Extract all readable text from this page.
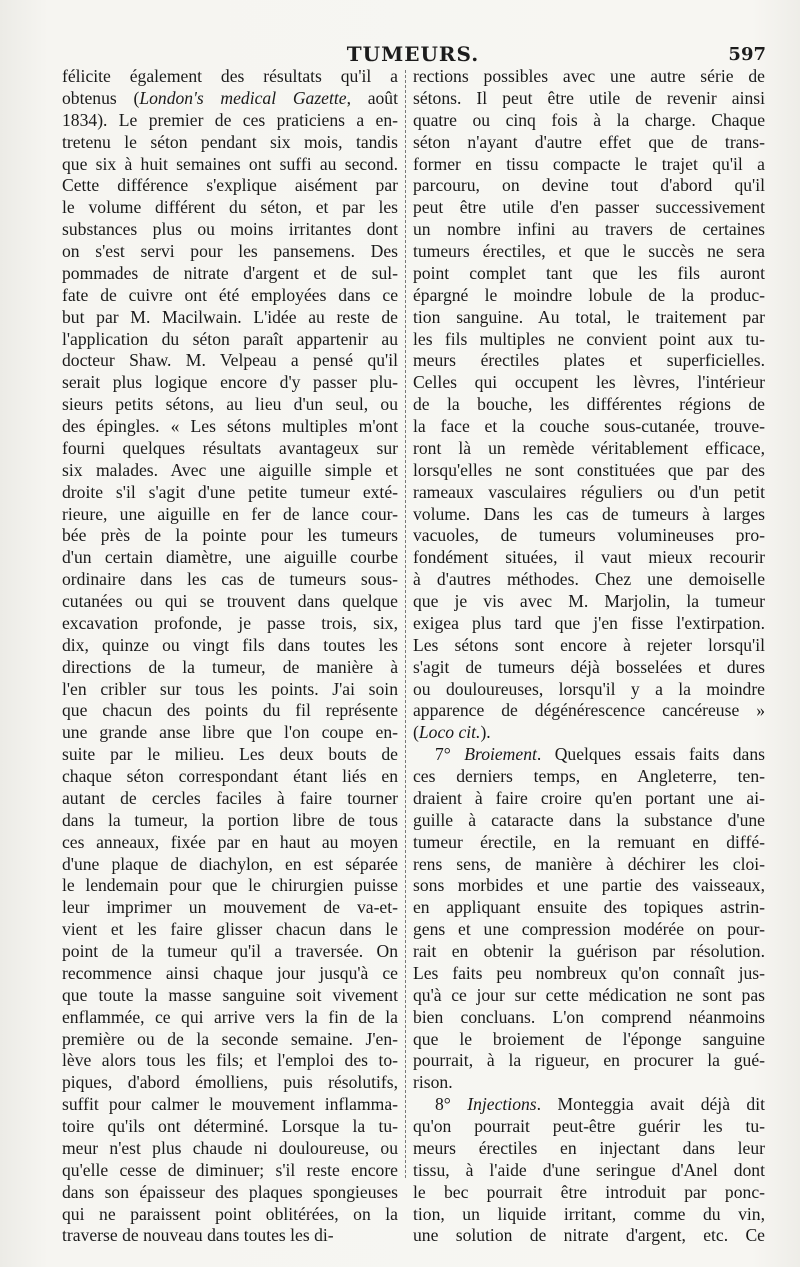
TUMEURS.	597
félicite également des résultats qu'il a
obtenus (London's medical Gazette, août
1834). Le premier de ces praticiens a en-
tretenu le séton pendant six mois, tandis
que six à huit semaines ont suffi au second.
Cette différence s'explique aisément par
le volume différent du séton, et par les
substances plus ou moins irritantes dont
on s'est servi pour les pansemens. Des
pommades de nitrate d'argent et de sul-
fate de cuivre ont été employées dans ce
but par M. Macilwain. L'idée au reste de
l'application du séton paraît appartenir au
docteur Shaw. M. Velpeau a pensé qu'il
serait plus logique encore d'y passer plu-
sieurs petits sétons, au lieu d'un seul, ou
des épingles. « Les sétons multiples m'ont
fourni quelques résultats avantageux sur
six malades. Avec une aiguille simple et
droite s'il s'agit d'une petite tumeur exté-
rieure, une aiguille en fer de lance cour-
bée près de la pointe pour les tumeurs
d'un certain diamètre, une aiguille courbe
ordinaire dans les cas de tumeurs sous-
cutanées ou qui se trouvent dans quelque
excavation profonde, je passe trois, six,
dix, quinze ou vingt fils dans toutes les
directions de la tumeur, de manière à
l'en cribler sur tous les points. J'ai soin
que chacun des points du fil représente
une grande anse libre que l'on coupe en-
suite par le milieu. Les deux bouts de
chaque séton correspondant étant liés en
autant de cercles faciles à faire tourner
dans la tumeur, la portion libre de tous
ces anneaux, fixée par en haut au moyen
d'une plaque de diachylon, en est séparée
le lendemain pour que le chirurgien puisse
leur imprimer un mouvement de va-et-
vient et les faire glisser chacun dans le
point de la tumeur qu'il a traversée. On
recommence ainsi chaque jour jusqu'à ce
que toute la masse sanguine soit vivement
enflammée, ce qui arrive vers la fin de la
première ou de la seconde semaine. J'en-
lève alors tous les fils; et l'emploi des to-
piques, d'abord émolliens, puis résolutifs,
suffit pour calmer le mouvement inflamma-
toire qu'ils ont déterminé. Lorsque la tu-
meur n'est plus chaude ni douloureuse, ou
qu'elle cesse de diminuer; s'il reste encore
dans son épaisseur des plaques spongieuses
qui ne paraissent point oblitérées, on la
traverse de nouveau dans toutes les di-
rections possibles avec une autre série de
sétons. Il peut être utile de revenir ainsi
quatre ou cinq fois à la charge. Chaque
séton n'ayant d'autre effet que de trans-
former en tissu compacte le trajet qu'il a
parcouru, on devine tout d'abord qu'il
peut être utile d'en passer successivement
un nombre infini au travers de certaines
tumeurs érectiles, et que le succès ne sera
point complet tant que les fils auront
épargné le moindre lobule de la produc-
tion sanguine. Au total, le traitement par
les fils multiples ne convient point aux tu-
meurs érectiles plates et superficielles.
Celles qui occupent les lèvres, l'intérieur
de la bouche, les différentes régions de
la face et la couche sous-cutanée, trouve-
ront là un remède véritablement efficace,
lorsqu'elles ne sont constituées que par des
rameaux vasculaires réguliers ou d'un petit
volume. Dans les cas de tumeurs à larges
vacuoles, de tumeurs volumineuses pro-
fondément situées, il vaut mieux recourir
à d'autres méthodes. Chez une demoiselle
que je vis avec M. Marjolin, la tumeur
exigea plus tard que j'en fisse l'extirpation.
Les sétons sont encore à rejeter lorsqu'il
s'agit de tumeurs déjà bosselées et dures
ou douloureuses, lorsqu'il y a la moindre
apparence de dégénérescence cancéreuse »
(Loco cit.).
7° Broiement. Quelques essais faits dans
ces derniers temps, en Angleterre, ten-
draient à faire croire qu'en portant une ai-
guille à cataracte dans la substance d'une
tumeur érectile, en la remuant en diffé-
rens sens, de manière à déchirer les cloi-
sons morbides et une partie des vaisseaux,
en appliquant ensuite des topiques astrin-
gens et une compression modérée on pour-
rait en obtenir la guérison par résolution.
Les faits peu nombreux qu'on connaît jus-
qu'à ce jour sur cette médication ne sont pas
bien concluans. L'on comprend néanmoins
que le broiement de l'éponge sanguine
pourrait, à la rigueur, en procurer la gué-
rison.
8° Injections. Monteggia avait déjà dit
qu'on pourrait peut-être guérir les tu-
meurs érectiles en injectant dans leur
tissu, à l'aide d'une seringue d'Anel dont
le bec pourrait être introduit par ponc-
tion, un liquide irritant, comme du vin,
une solution de nitrate d'argent, etc. Ce
